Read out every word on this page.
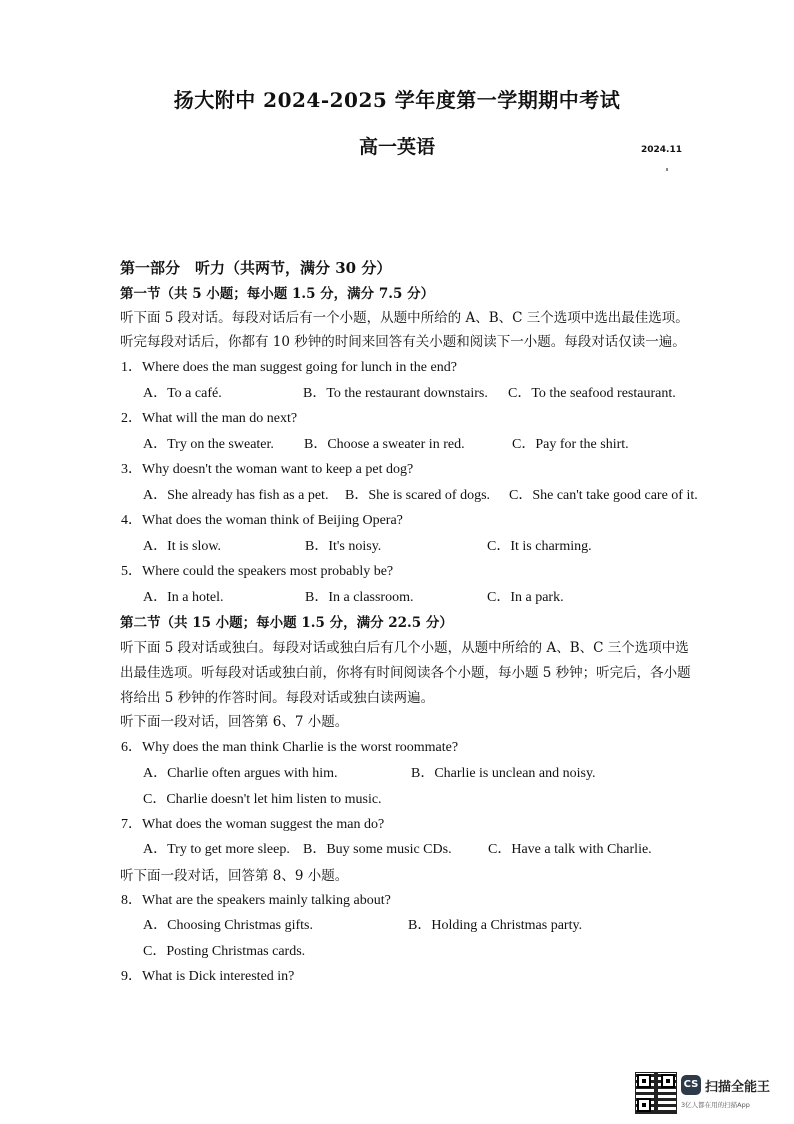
扬大附中 2024-2025 学年度第一学期期中考试
高一英语	2024.11
第一部分　听力（共两节，满分 30 分）
第一节（共 5 小题；每小题 1.5 分，满分 7.5 分）
听下面 5 段对话。每段对话后有一个小题，从题中所给的 A、B、C 三个选项中选出最佳选项。
听完每段对话后，你都有 10 秒钟的时间来回答有关小题和阅读下一小题。每段对话仅读一遍。
1．Where does the man suggest going for lunch in the end?
A．To a café.	B．To the restaurant downstairs. C．To the seafood restaurant.
2．What will the man do next?
A．Try on the sweater. B．Choose a sweater in red.	C．Pay for the shirt.
3．Why doesn't the woman want to keep a pet dog?
A．She already has fish as a pet. B．She is scared of dogs. C．She can't take good care of it.
4．What does the woman think of Beijing Opera?
A．It is slow.	B．It's noisy.	C．It is charming.
5．Where could the speakers most probably be?
A．In a hotel.	B．In a classroom.	C．In a park.
第二节（共 15 小题；每小题 1.5 分，满分 22.5 分）
听下面 5 段对话或独白。每段对话或独白后有几个小题，从题中所给的 A、B、C 三个选项中选
出最佳选项。听每段对话或独白前，你将有时间阅读各个小题，每小题 5 秒钟；听完后，各小题
将给出 5 秒钟的作答时间。每段对话或独白读两遍。
听下面一段对话，回答第 6、7 小题。
6．Why does the man think Charlie is the worst roommate?
A．Charlie often argues with him.	B．Charlie is unclean and noisy.
C．Charlie doesn't let him listen to music.
7．What does the woman suggest the man do?
A．Try to get more sleep. B．Buy some music CDs.	C．Have a talk with Charlie.
听下面一段对话，回答第 8、9 小题。
8．What are the speakers mainly talking about?
A．Choosing Christmas gifts.	B．Holding a Christmas party.
C．Posting Christmas cards.
9．What is Dick interested in?
CS 扫描全能王
3亿人都在用的扫描App
